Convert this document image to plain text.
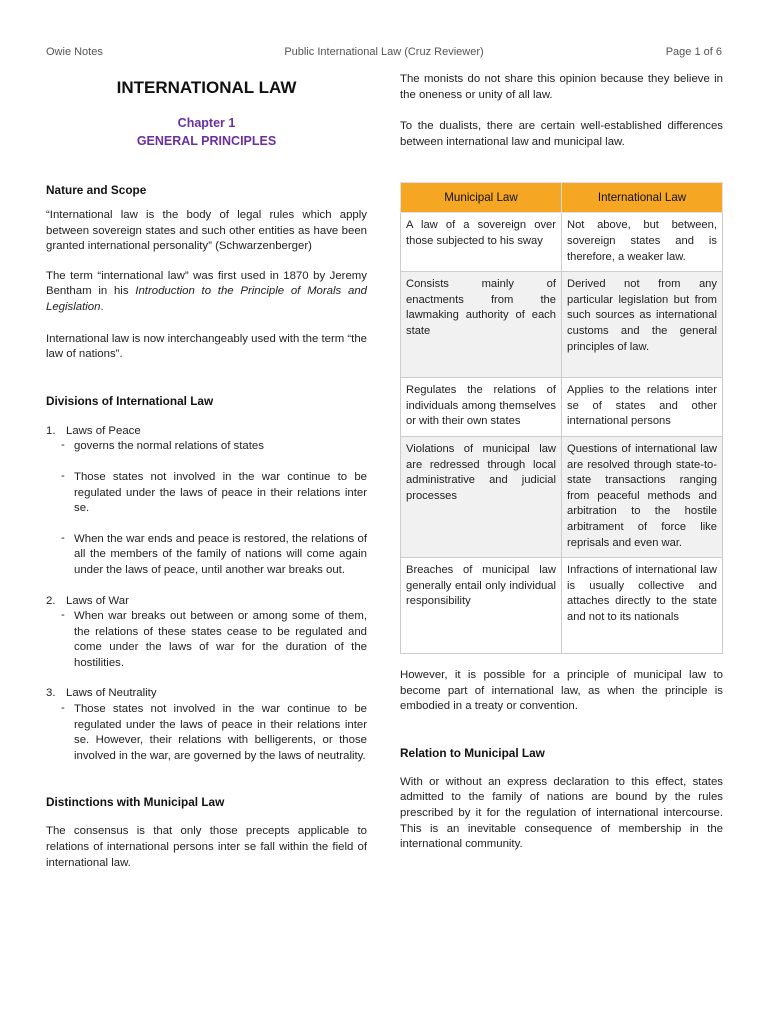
Owie Notes	Public International Law (Cruz Reviewer)	Page 1 of 6
INTERNATIONAL LAW
Chapter 1
GENERAL PRINCIPLES
Nature and Scope

“International law is the body of legal rules which apply between sovereign states and such other entities as have been granted international personality” (Schwarzenberger)

The term “international law” was first used in 1870 by Jeremy Bentham in his Introduction to the Principle of Morals and Legislation.

International law is now interchangeably used with the term “the law of nations”.

Divisions of International Law
1. Laws of Peace
- governs the normal relations of states
- Those states not involved in the war continue to be regulated under the laws of peace in their relations inter se.
- When the war ends and peace is restored, the relations of all the members of the family of nations will come again under the laws of peace, until another war breaks out.
2. Laws of War
- When war breaks out between or among some of them, the relations of these states cease to be regulated and come under the laws of war for the duration of the hostilities.
3. Laws of Neutrality
- Those states not involved in the war continue to be regulated under the laws of peace in their relations inter se. However, their relations with belligerents, or those involved in the war, are governed by the laws of neutrality.
Distinctions with Municipal Law

The consensus is that only those precepts applicable to relations of international persons inter se fall within the field of international law.

The monists do not share this opinion because they believe in the oneness or unity of all law.

To the dualists, there are certain well-established differences between international law and municipal law.

Municipal Law	International Law
A law of a sovereign over those subjected to his sway	Not above, but between, sovereign states and is therefore, a weaker law.
Consists mainly of enactments from the lawmaking authority of each state	Derived not from any particular legislation but from such sources as international customs and the general principles of law.
Regulates the relations of individuals among themselves or with their own states	Applies to the relations inter se of states and other international persons
Violations of municipal law are redressed through local administrative and judicial processes	Questions of international law are resolved through state-to-state transactions ranging from peaceful methods and arbitration to the hostile arbitrament of force like reprisals and even war.
Breaches of municipal law generally entail only individual responsibility	Infractions of international law is usually collective and attaches directly to the state and not to its nationals

However, it is possible for a principle of municipal law to become part of international law, as when the principle is embodied in a treaty or convention.

Relation to Municipal Law

With or without an express declaration to this effect, states admitted to the family of nations are bound by the rules prescribed by it for the regulation of international intercourse. This is an inevitable consequence of membership in the international community.
